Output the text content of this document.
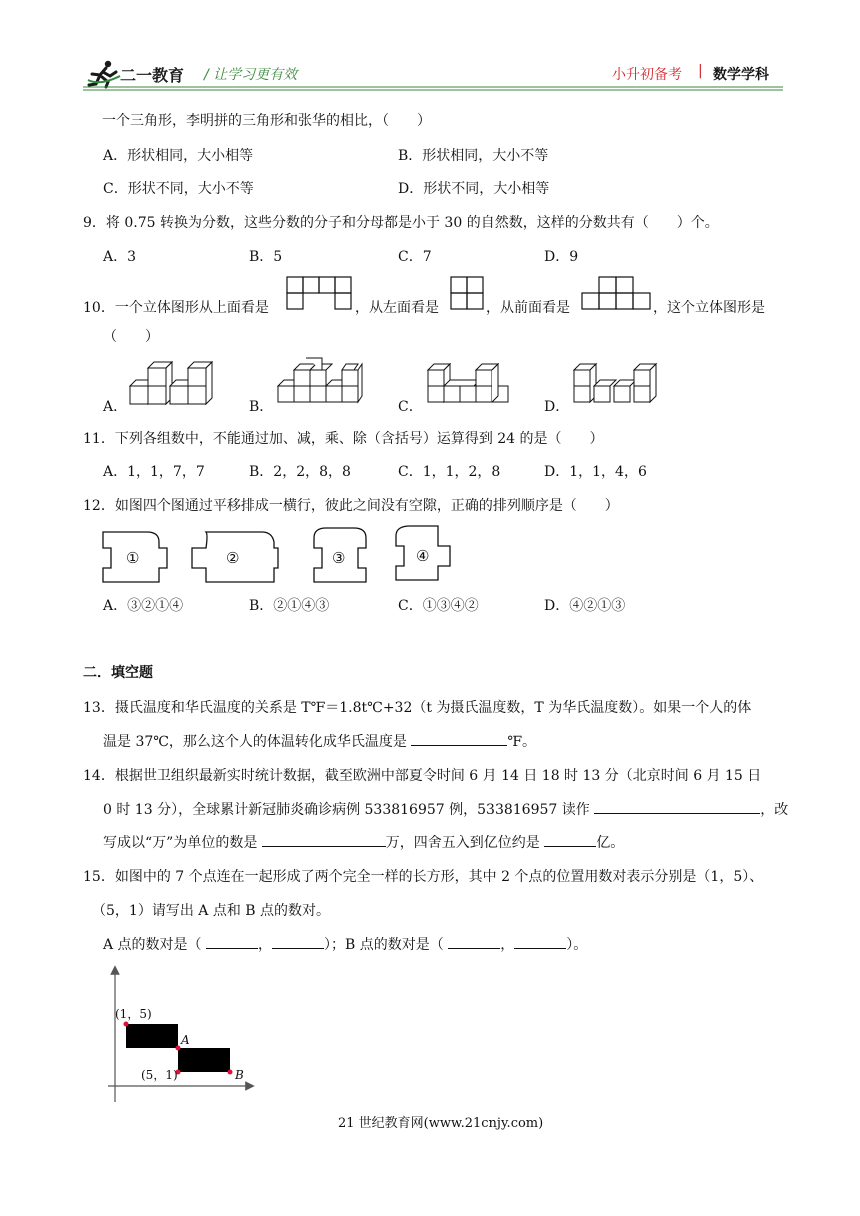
二一教育 / 让学习更有效	小升初备考 | 数学学科
一个三角形，李明拼的三角形和张华的相比，（　　）
A．形状相同，大小相等	B．形状相同，大小不等
C．形状不同，大小不等	D．形状不同，大小相等
9．将 0.75 转换为分数，这些分数的分子和分母都是小于 30 的自然数，这样的分数共有（　　）个。
A．3	B．5	C．7	D．9
10．一个立体图形从上面看是	，从左面看是	，从前面看是	，这个立体图形是
（　　）
A．	B．	C．	D．
11．下列各组数中，不能通过加、减，乘、除（含括号）运算得到 24 的是（　　）
A．1，1，7，7	B．2，2，8，8	C．1，1，2，8	D．1，1，4，6
12．如图四个图通过平移排成一横行，彼此之间没有空隙，正确的排列顺序是（　　）
①	②	③	④
A．③②①④	B．②①④③	C．①③④②	D．④②①③
二．填空题
13．摄氏温度和华氏温度的关系是 T℉＝1.8t℃+32（t 为摄氏温度数，T 为华氏温度数）。如果一个人的体
温是 37℃，那么这个人的体温转化成华氏温度是	℉。
14．根据世卫组织最新实时统计数据，截至欧洲中部夏令时间 6 月 14 日 18 时 13 分（北京时间 6 月 15 日
0 时 13 分），全球累计新冠肺炎确诊病例 533816957 例，533816957 读作	，改
写成以“万”为单位的数是	万，四舍五入到亿位约是	亿。
15．如图中的 7 个点连在一起形成了两个完全一样的长方形，其中 2 个点的位置用数对表示分别是（1，5）、
（5，1）请写出 A 点和 B 点的数对。
A 点的数对是（	，	）；B 点的数对是（	，	）。
(1，5)
A
(5，1)	B
21 世纪教育网(www.21cnjy.com)
